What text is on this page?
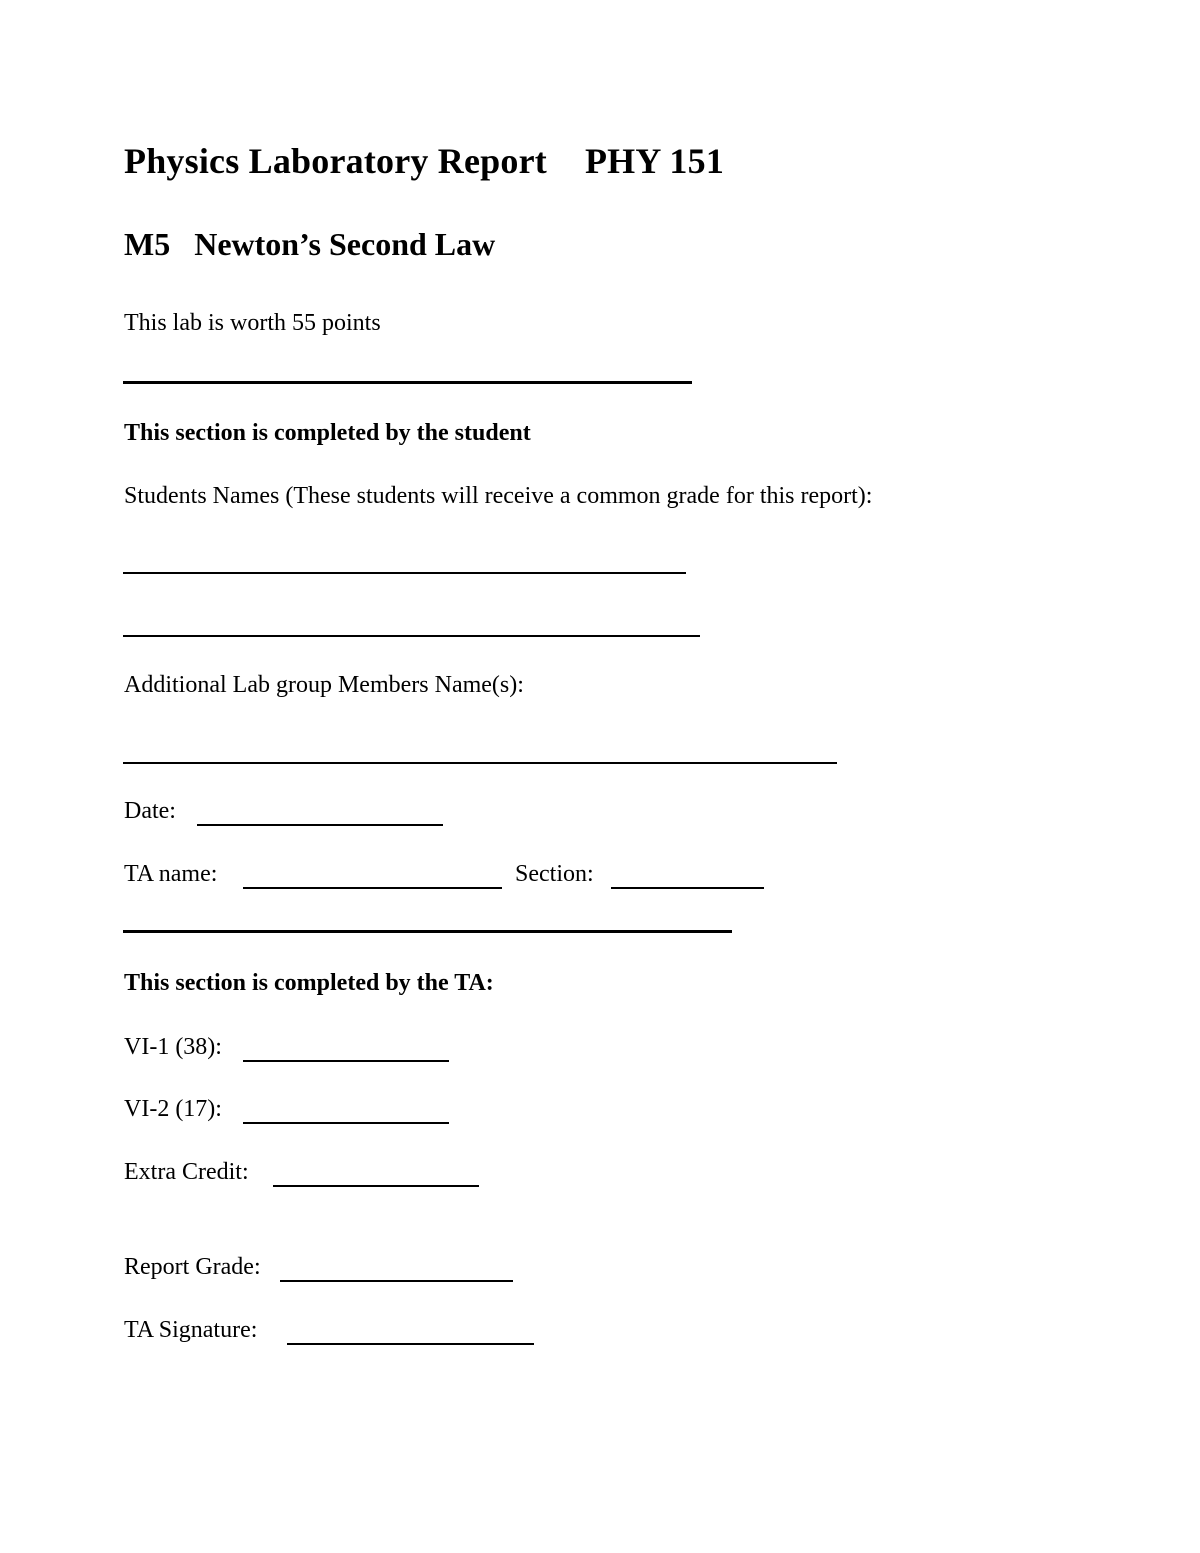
Physics Laboratory Report PHY 151
M5 Newton’s Second Law
This lab is worth 55 points
This section is completed by the student
Students Names (These students will receive a common grade for this report):
Additional Lab group Members Name(s):
Date:
TA name:	Section:
This section is completed by the TA:
VI-1 (38):
VI-2 (17):
Extra Credit:
Report Grade:
TA Signature:
